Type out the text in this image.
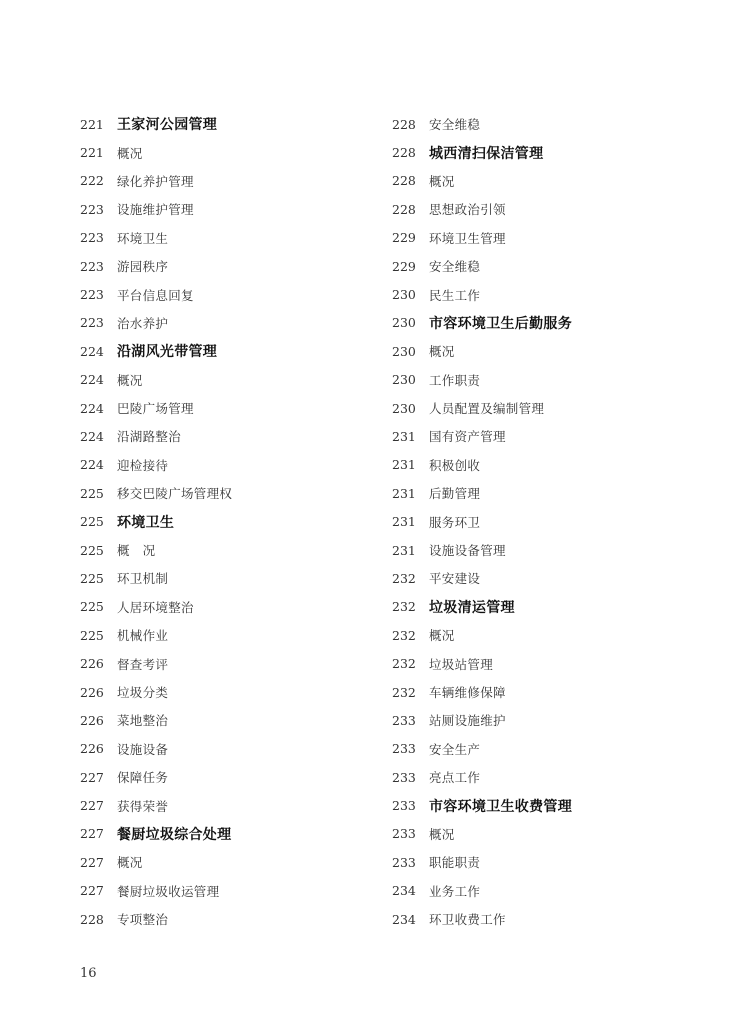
221 王家河公园管理
221	概况
222	绿化养护管理
223	设施维护管理
223	环境卫生
223	游园秩序
223	平台信息回复
223	治水养护
224 沿湖风光带管理
224	概况
224	巴陵广场管理
224	沿湖路整治
224	迎检接待
225	移交巴陵广场管理权
225 环境卫生
225	概　况
225	环卫机制
225	人居环境整治
225	机械作业
226	督查考评
226	垃圾分类
226	菜地整治
226	设施设备
227	保障任务
227	获得荣誉
227 餐厨垃圾综合处理
227	概况
227	餐厨垃圾收运管理
228	专项整治
228	安全维稳
228 城西清扫保洁管理
228	概况
228	思想政治引领
229	环境卫生管理
229	安全维稳
230	民生工作
230 市容环境卫生后勤服务
230	概况
230	工作职责
230	人员配置及编制管理
231	国有资产管理
231	积极创收
231	后勤管理
231	服务环卫
231	设施设备管理
232	平安建设
232 垃圾清运管理
232	概况
232	垃圾站管理
232	车辆维修保障
233	站厕设施维护
233	安全生产
233	亮点工作
233 市容环境卫生收费管理
233	概况
233	职能职责
234	业务工作
234	环卫收费工作
16
